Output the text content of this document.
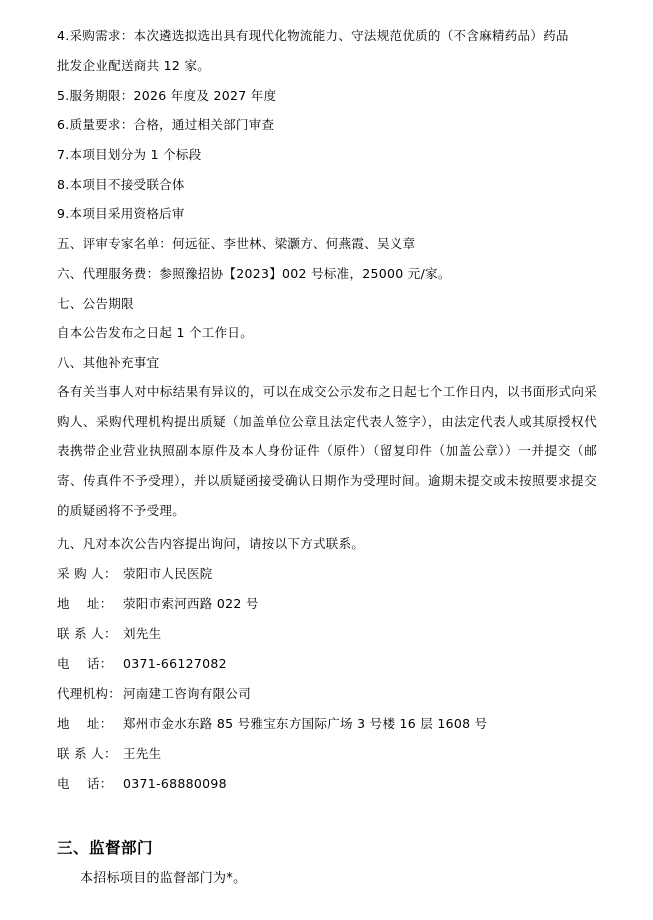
4.采购需求：本次遴选拟选出具有现代化物流能力、守法规范优质的（不含麻精药品）药品
批发企业配送商共 12 家。
5.服务期限：2026 年度及 2027 年度
6.质量要求：合格，通过相关部门审查
7.本项目划分为 1 个标段
8.本项目不接受联合体
9.本项目采用资格后审
五、评审专家名单：何远征、李世林、梁灏方、何燕霞、吴义章
六、代理服务费：参照豫招协【2023】002 号标准，25000 元/家。
七、公告期限
自本公告发布之日起 1 个工作日。
八、其他补充事宜
各有关当事人对中标结果有异议的，可以在成交公示发布之日起七个工作日内，以书面形式向采购人、采购代理机构提出质疑（加盖单位公章且法定代表人签字），由法定代表人或其原授权代表携带企业营业执照副本原件及本人身份证件（原件）（留复印件（加盖公章））一并提交（邮寄、传真件不予受理），并以质疑函接受确认日期作为受理时间。逾期未提交或未按照要求提交的质疑函将不予受理。
九、凡对本次公告内容提出询问，请按以下方式联系。
采 购 人： 荥阳市人民医院
地    址： 荥阳市索河西路 022 号
联 系 人： 刘先生
电    话： 0371-66127082
代理机构： 河南建工咨询有限公司
地    址： 郑州市金水东路 85 号雅宝东方国际广场 3 号楼 16 层 1608 号
联 系 人： 王先生
电    话： 0371-68880098
三、监督部门
本招标项目的监督部门为*。
